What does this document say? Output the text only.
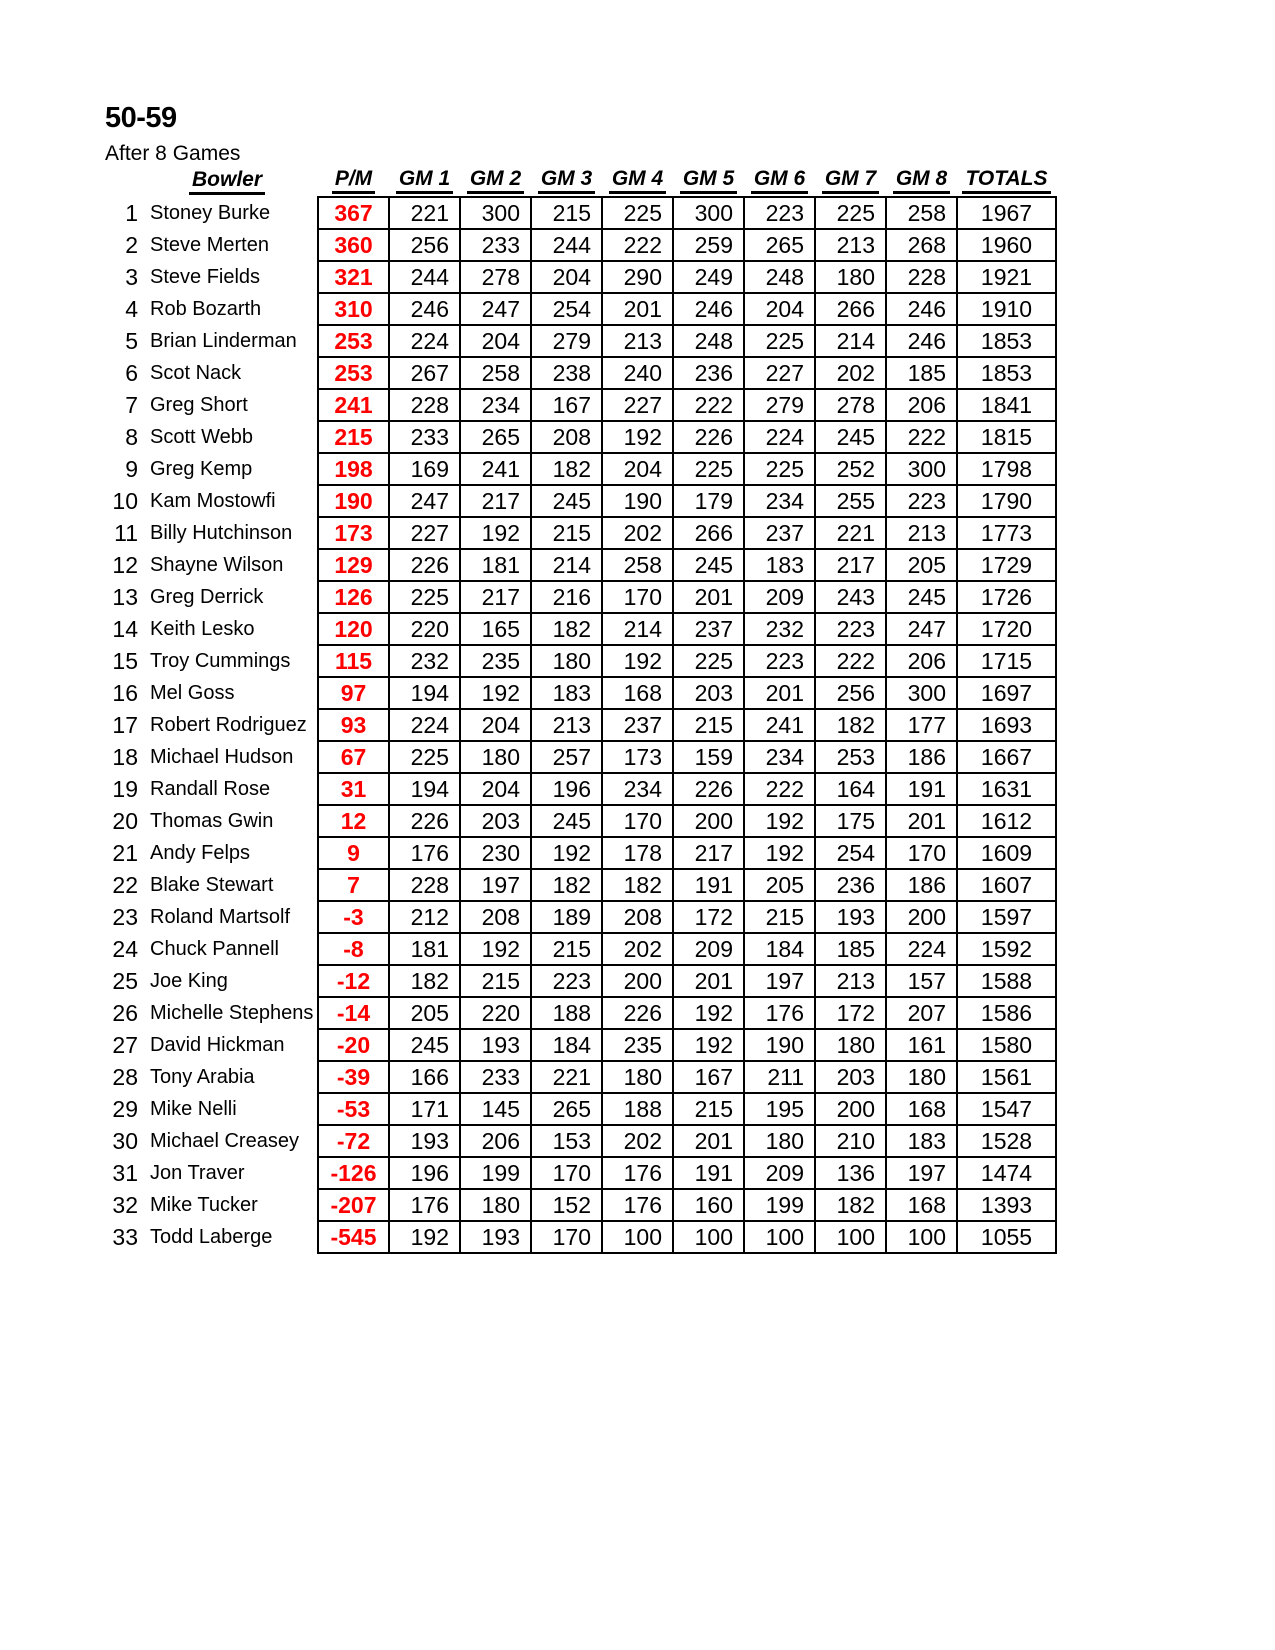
50-59
After 8 Games
	Bowler	P/M	GM 1	GM 2	GM 3	GM 4	GM 5	GM 6	GM 7	GM 8	TOTALS
1	Stoney Burke	367	221	300	215	225	300	223	225	258	1967
2	Steve Merten	360	256	233	244	222	259	265	213	268	1960
3	Steve Fields	321	244	278	204	290	249	248	180	228	1921
4	Rob Bozarth	310	246	247	254	201	246	204	266	246	1910
5	Brian Linderman	253	224	204	279	213	248	225	214	246	1853
6	Scot Nack	253	267	258	238	240	236	227	202	185	1853
7	Greg Short	241	228	234	167	227	222	279	278	206	1841
8	Scott Webb	215	233	265	208	192	226	224	245	222	1815
9	Greg Kemp	198	169	241	182	204	225	225	252	300	1798
10	Kam Mostowfi	190	247	217	245	190	179	234	255	223	1790
11	Billy Hutchinson	173	227	192	215	202	266	237	221	213	1773
12	Shayne Wilson	129	226	181	214	258	245	183	217	205	1729
13	Greg Derrick	126	225	217	216	170	201	209	243	245	1726
14	Keith Lesko	120	220	165	182	214	237	232	223	247	1720
15	Troy Cummings	115	232	235	180	192	225	223	222	206	1715
16	Mel Goss	97	194	192	183	168	203	201	256	300	1697
17	Robert Rodriguez	93	224	204	213	237	215	241	182	177	1693
18	Michael Hudson	67	225	180	257	173	159	234	253	186	1667
19	Randall Rose	31	194	204	196	234	226	222	164	191	1631
20	Thomas Gwin	12	226	203	245	170	200	192	175	201	1612
21	Andy Felps	9	176	230	192	178	217	192	254	170	1609
22	Blake Stewart	7	228	197	182	182	191	205	236	186	1607
23	Roland Martsolf	-3	212	208	189	208	172	215	193	200	1597
24	Chuck Pannell	-8	181	192	215	202	209	184	185	224	1592
25	Joe King	-12	182	215	223	200	201	197	213	157	1588
26	Michelle Stephens	-14	205	220	188	226	192	176	172	207	1586
27	David Hickman	-20	245	193	184	235	192	190	180	161	1580
28	Tony Arabia	-39	166	233	221	180	167	211	203	180	1561
29	Mike Nelli	-53	171	145	265	188	215	195	200	168	1547
30	Michael Creasey	-72	193	206	153	202	201	180	210	183	1528
31	Jon Traver	-126	196	199	170	176	191	209	136	197	1474
32	Mike Tucker	-207	176	180	152	176	160	199	182	168	1393
33	Todd Laberge	-545	192	193	170	100	100	100	100	100	1055
